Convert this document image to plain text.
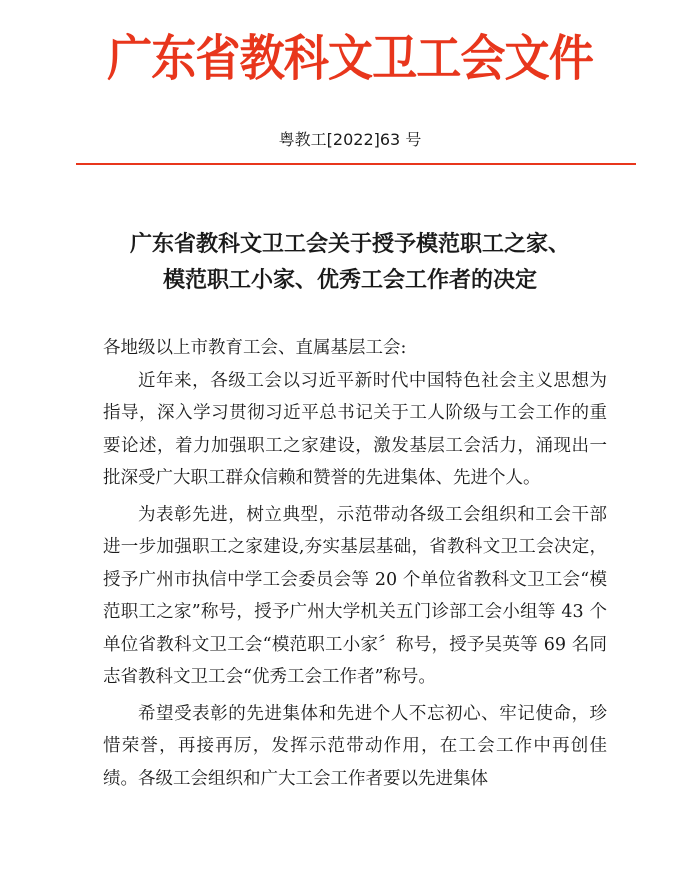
广东省教科文卫工会文件
粤教工[2022]63 号
广东省教科文卫工会关于授予模范职工之家、
模范职工小家、优秀工会工作者的决定

各地级以上市教育工会、直属基层工会:

近年来，各级工会以习近平新时代中国特色社会主义思想为指导，深入学习贯彻习近平总书记关于工人阶级与工会工作的重要论述，着力加强职工之家建设，激发基层工会活力，涌现出一批深受广大职工群众信赖和赞誉的先进集体、先进个人。

为表彰先进，树立典型，示范带动各级工会组织和工会干部进一步加强职工之家建设,夯实基层基础，省教科文卫工会决定，授予广州市执信中学工会委员会等 20 个单位省教科文卫工会“模范职工之家”称号，授予广州大学机关五门诊部工会小组等 43 个单位省教科文卫工会“模范职工小家〞称号，授予吴英等 69 名同志省教科文卫工会“优秀工会工作者”称号。

希望受表彰的先进集体和先进个人不忘初心、牢记使命，珍惜荣誉，再接再厉，发挥示范带动作用，在工会工作中再创佳绩。各级工会组织和广大工会工作者要以先进集体
